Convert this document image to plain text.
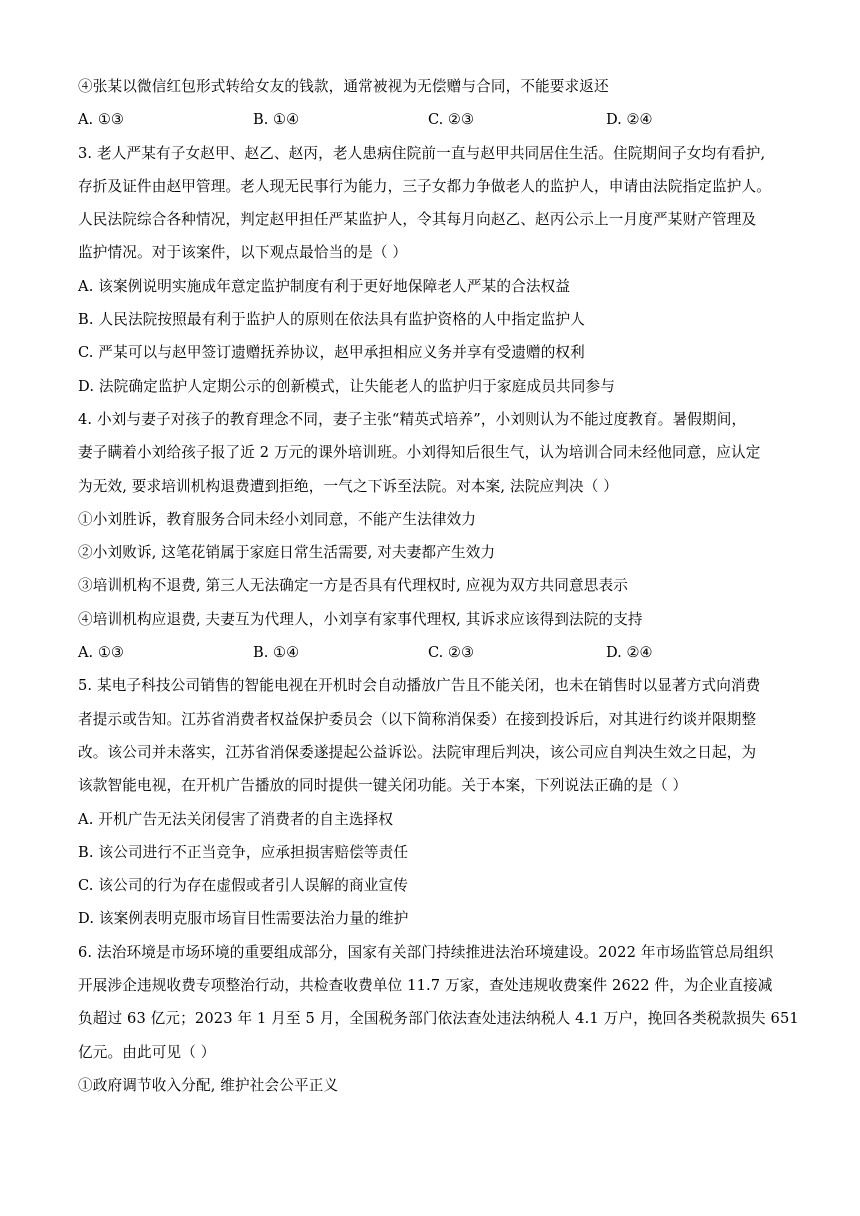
④张某以微信红包形式转给女友的钱款，通常被视为无偿赠与合同，不能要求返还
A. ①③	B. ①④	C. ②③	D. ②④
3. 老人严某有子女赵甲、赵乙、赵丙，老人患病住院前一直与赵甲共同居住生活。住院期间子女均有看护,
存折及证件由赵甲管理。老人现无民事行为能力，三子女都力争做老人的监护人，申请由法院指定监护人。
人民法院综合各种情况，判定赵甲担任严某监护人，令其每月向赵乙、赵丙公示上一月度严某财产管理及
监护情况。对于该案件，以下观点最恰当的是（ ）
A. 该案例说明实施成年意定监护制度有利于更好地保障老人严某的合法权益
B. 人民法院按照最有利于监护人的原则在依法具有监护资格的人中指定监护人
C. 严某可以与赵甲签订遗赠抚养协议，赵甲承担相应义务并享有受遗赠的权利
D. 法院确定监护人定期公示的创新模式，让失能老人的监护归于家庭成员共同参与
4. 小刘与妻子对孩子的教育理念不同，妻子主张“精英式培养”，小刘则认为不能过度教育。暑假期间，
妻子瞒着小刘给孩子报了近 2 万元的课外培训班。小刘得知后很生气，认为培训合同未经他同意，应认定
为无效, 要求培训机构退费遭到拒绝，一气之下诉至法院。对本案, 法院应判决（ ）
①小刘胜诉，教育服务合同未经小刘同意，不能产生法律效力
②小刘败诉, 这笔花销属于家庭日常生活需要, 对夫妻都产生效力
③培训机构不退费, 第三人无法确定一方是否具有代理权时, 应视为双方共同意思表示
④培训机构应退费, 夫妻互为代理人，小刘享有家事代理权, 其诉求应该得到法院的支持
A. ①③	B. ①④	C. ②③	D. ②④
5. 某电子科技公司销售的智能电视在开机时会自动播放广告且不能关闭，也未在销售时以显著方式向消费
者提示或告知。江苏省消费者权益保护委员会（以下简称消保委）在接到投诉后，对其进行约谈并限期整
改。该公司并未落实，江苏省消保委遂提起公益诉讼。法院审理后判决，该公司应自判决生效之日起，为
该款智能电视，在开机广告播放的同时提供一键关闭功能。关于本案，下列说法正确的是（ ）
A. 开机广告无法关闭侵害了消费者的自主选择权
B. 该公司进行不正当竞争，应承担损害赔偿等责任
C. 该公司的行为存在虚假或者引人误解的商业宣传
D. 该案例表明克服市场盲目性需要法治力量的维护
6. 法治环境是市场环境的重要组成部分，国家有关部门持续推进法治环境建设。2022 年市场监管总局组织
开展涉企违规收费专项整治行动，共检查收费单位 11.7 万家，查处违规收费案件 2622 件，为企业直接减
负超过 63 亿元；2023 年 1 月至 5 月，全国税务部门依法查处违法纳税人 4.1 万户，挽回各类税款损失 651
亿元。由此可见（ ）
①政府调节收入分配, 维护社会公平正义
